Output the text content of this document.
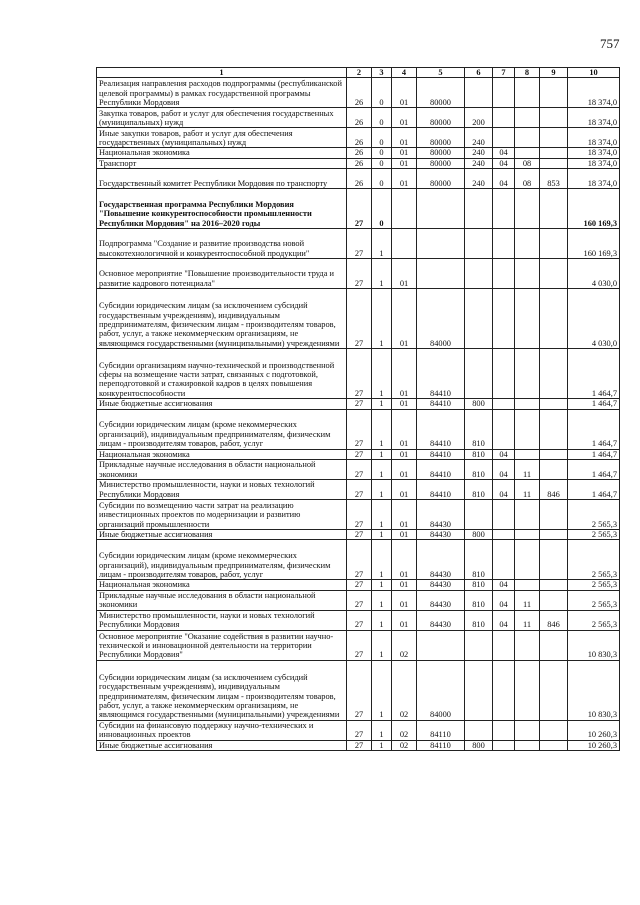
757
1	2	3	4	5	6	7	8	9	10
Реализация направления расходов подпрограммы (республиканской целевой программы) в рамках государственной программы Республики Мордовия	26	0	01	80000					18 374,0
Закупка товаров, работ и услуг для обеспечения государственных (муниципальных) нужд	26	0	01	80000	200				18 374,0
Иные закупки товаров, работ и услуг для обеспечения государственных (муниципальных) нужд	26	0	01	80000	240				18 374,0
Национальная экономика	26	0	01	80000	240	04			18 374,0
Транспорт	26	0	01	80000	240	04	08		18 374,0
Государственный комитет Республики Мордовия по транспорту	26	0	01	80000	240	04	08	853	18 374,0
Государственная программа Республики Мордовия "Повышение конкурентоспособности промышленности Республики Мордовия" на 2016–2020 годы	27	0							160 169,3
Подпрограмма "Создание и развитие производства новой высокотехнологичной и конкурентоспособной продукции"	27	1							160 169,3
Основное мероприятие "Повышение производительности труда и развитие кадрового потенциала"	27	1	01						4 030,0
Субсидии юридическим лицам (за исключением субсидий государственным учреждениям), индивидуальным предпринимателям, физическим лицам - производителям товаров, работ, услуг, а также некоммерческим организациям, не являющимся государственными (муниципальными) учреждениями	27	1	01	84000					4 030,0
Субсидии организациям научно-технической и производственной сферы на возмещение части затрат, связанных с подготовкой, переподготовкой и стажировкой кадров в целях повышения конкурентоспособности	27	1	01	84410					1 464,7
Иные бюджетные ассигнования	27	1	01	84410	800				1 464,7
Субсидии юридическим лицам (кроме некоммерческих организаций), индивидуальным предпринимателям, физическим лицам - производителям товаров, работ, услуг	27	1	01	84410	810				1 464,7
Национальная экономика	27	1	01	84410	810	04			1 464,7
Прикладные научные исследования в области национальной экономики	27	1	01	84410	810	04	11		1 464,7
Министерство промышленности, науки и новых технологий Республики Мордовия	27	1	01	84410	810	04	11	846	1 464,7
Субсидии по возмещению части затрат на реализацию инвестиционных проектов по модернизации и развитию организаций промышленности	27	1	01	84430					2 565,3
Иные бюджетные ассигнования	27	1	01	84430	800				2 565,3
Субсидии юридическим лицам (кроме некоммерческих организаций), индивидуальным предпринимателям, физическим лицам - производителям товаров, работ, услуг	27	1	01	84430	810				2 565,3
Национальная экономика	27	1	01	84430	810	04			2 565,3
Прикладные научные исследования в области национальной экономики	27	1	01	84430	810	04	11		2 565,3
Министерство промышленности, науки и новых технологий Республики Мордовия	27	1	01	84430	810	04	11	846	2 565,3
Основное мероприятие "Оказание содействия в развитии научно-технической и инновационной деятельности на территории Республики Мордовия"	27	1	02						10 830,3
Субсидии юридическим лицам (за исключением субсидий государственным учреждениям), индивидуальным предпринимателям, физическим лицам - производителям товаров, работ, услуг, а также некоммерческим организациям, не являющимся государственными (муниципальными) учреждениями	27	1	02	84000					10 830,3
Субсидии на финансовую поддержку научно-технических и инновационных проектов	27	1	02	84110					10 260,3
Иные бюджетные ассигнования	27	1	02	84110	800				10 260,3
